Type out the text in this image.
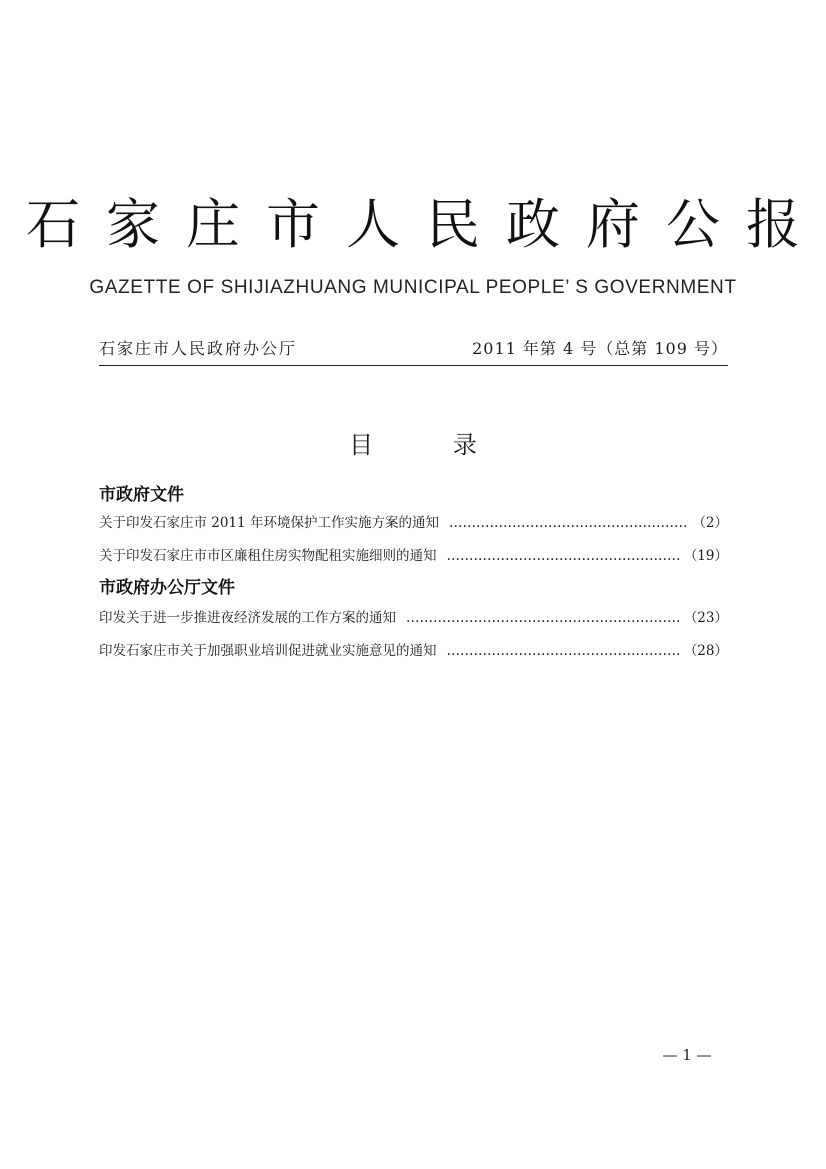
石家庄市人民政府公报
GAZETTE OF SHIJIAZHUANG MUNICIPAL PEOPLE’ S GOVERNMENT
石家庄市人民政府办公厅	2011 年第 4 号（总第 109 号）
目	录
市政府文件
关于印发石家庄市 2011 年环境保护工作实施方案的通知 ……………………………………………………………………………………………………………………………………	（2）
关于印发石家庄市市区廉租住房实物配租实施细则的通知 ……………………………………………………………………………………………………………………………………	（19）
市政府办公厅文件
印发关于进一步推进夜经济发展的工作方案的通知 ……………………………………………………………………………………………………………………………………	（23）
印发石家庄市关于加强职业培训促进就业实施意见的通知 ……………………………………………………………………………………………………………………………………	（28）
— 1 —
